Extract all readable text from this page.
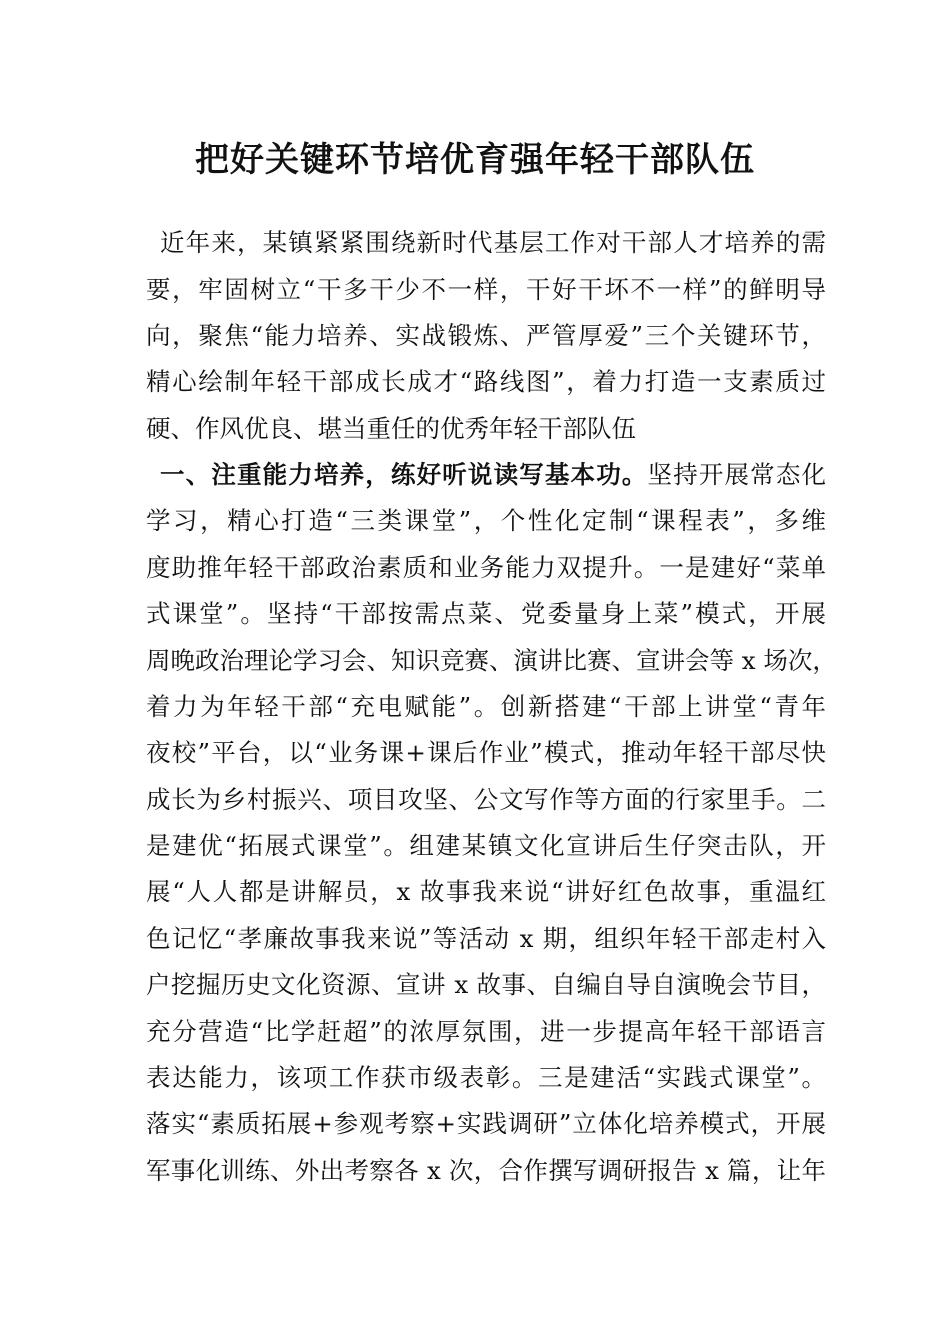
把好关键环节培优育强年轻干部队伍
近年来，某镇紧紧围绕新时代基层工作对干部人才培养的需
要，牢固树立“干多干少不一样，干好干坏不一样”的鲜明导
向，聚焦“能力培养、实战锻炼、严管厚爱”三个关键环节，
精心绘制年轻干部成长成才“路线图”，着力打造一支素质过
硬、作风优良、堪当重任的优秀年轻干部队伍
一、注重能力培养，练好听说读写基本功。坚持开展常态化
学习，精心打造“三类课堂”，个性化定制“课程表”，多维
度助推年轻干部政治素质和业务能力双提升。一是建好“菜单
式课堂”。坚持“干部按需点菜、党委量身上菜”模式，开展
周晚政治理论学习会、知识竞赛、演讲比赛、宣讲会等 x 场次，
着力为年轻干部“充电赋能”。创新搭建“干部上讲堂“青年
夜校”平台，以“业务课+课后作业”模式，推动年轻干部尽快
成长为乡村振兴、项目攻坚、公文写作等方面的行家里手。二
是建优“拓展式课堂”。组建某镇文化宣讲后生仔突击队，开
展“人人都是讲解员，x 故事我来说“讲好红色故事，重温红
色记忆“孝廉故事我来说”等活动 x 期，组织年轻干部走村入
户挖掘历史文化资源、宣讲 x 故事、自编自导自演晚会节目，
充分营造“比学赶超”的浓厚氛围，进一步提高年轻干部语言
表达能力，该项工作获市级表彰。三是建活“实践式课堂”。
落实“素质拓展+参观考察+实践调研”立体化培养模式，开展
军事化训练、外出考察各 x 次，合作撰写调研报告 x 篇，让年
